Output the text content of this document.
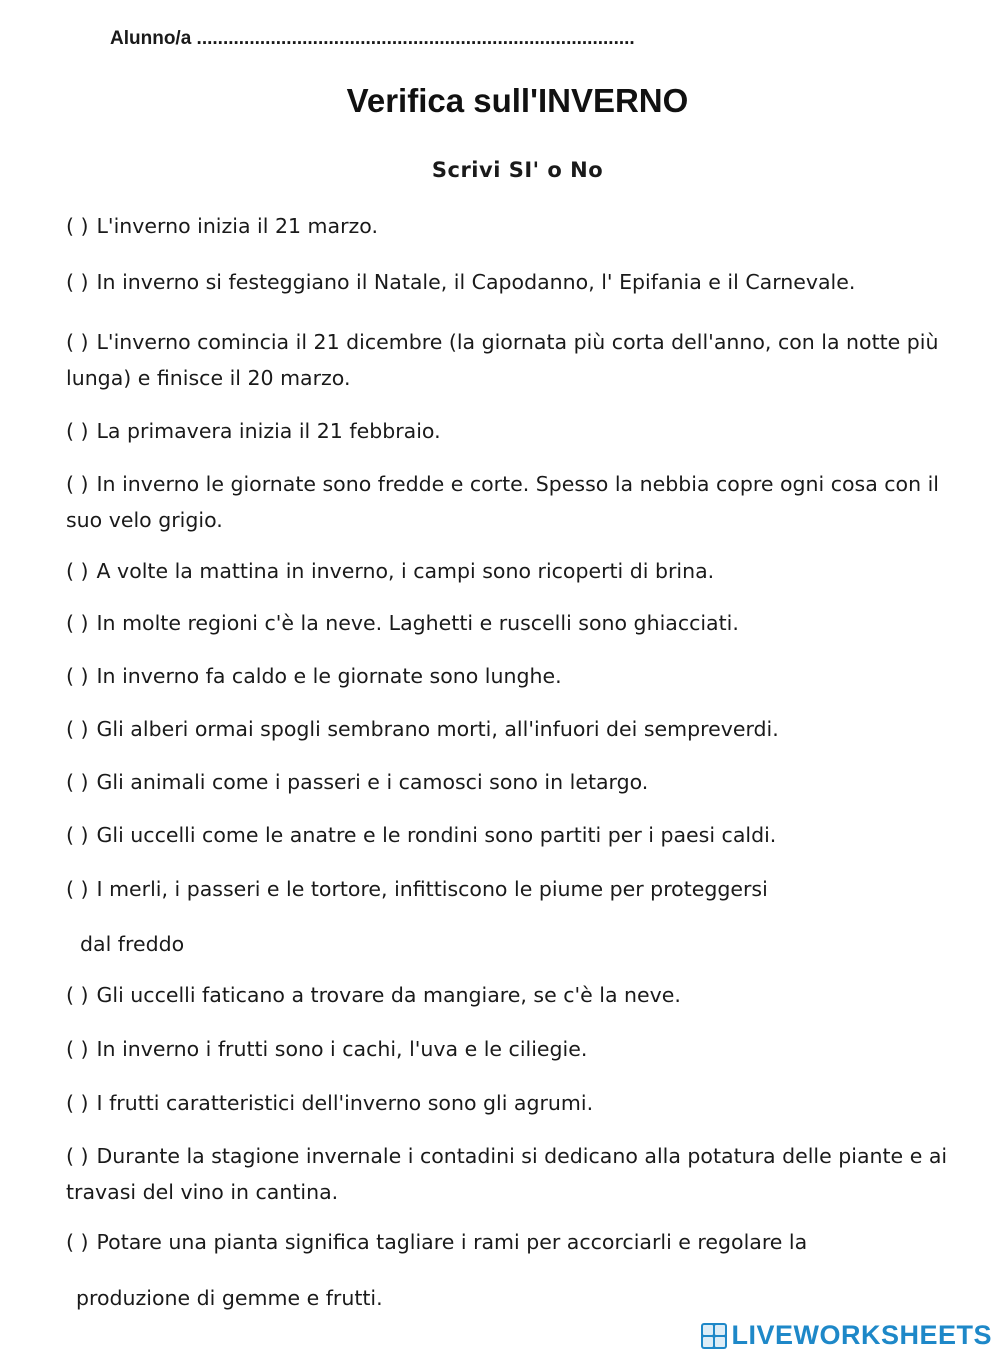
Alunno/a ...................................................................................
Verifica sull'INVERNO
Scrivi SI' o No
( ) L'inverno inizia il 21 marzo.
( ) In inverno si festeggiano il Natale, il Capodanno, l' Epifania e il Carnevale.
( ) L'inverno comincia il 21 dicembre (la giornata più corta dell'anno, con la notte più lunga) e finisce il 20 marzo.
( ) La primavera inizia il 21 febbraio.
( ) In inverno le giornate sono fredde e corte. Spesso la nebbia copre ogni cosa con il suo velo grigio.
( ) A volte la mattina in inverno, i campi sono ricoperti di brina.
( ) In molte regioni c'è la neve. Laghetti e ruscelli sono ghiacciati.
( ) In inverno fa caldo e le giornate sono lunghe.
( ) Gli alberi ormai spogli sembrano morti, all'infuori dei sempreverdi.
( ) Gli animali come i passeri e i camosci sono in letargo.
( ) Gli uccelli come le anatre e le rondini sono partiti per i paesi caldi.
( ) I merli, i passeri e le tortore, infittiscono le piume per proteggersi
dal freddo
( ) Gli uccelli faticano a trovare da mangiare, se c'è la neve.
( ) In inverno i frutti sono i cachi, l'uva e le ciliegie.
( ) I frutti caratteristici dell'inverno sono gli agrumi.
( ) Durante la stagione invernale i contadini si dedicano alla potatura delle piante e ai travasi del vino in cantina.
( ) Potare una pianta significa tagliare i rami per accorciarli e regolare la
produzione di gemme e frutti.
LIVEWORKSHEETS
